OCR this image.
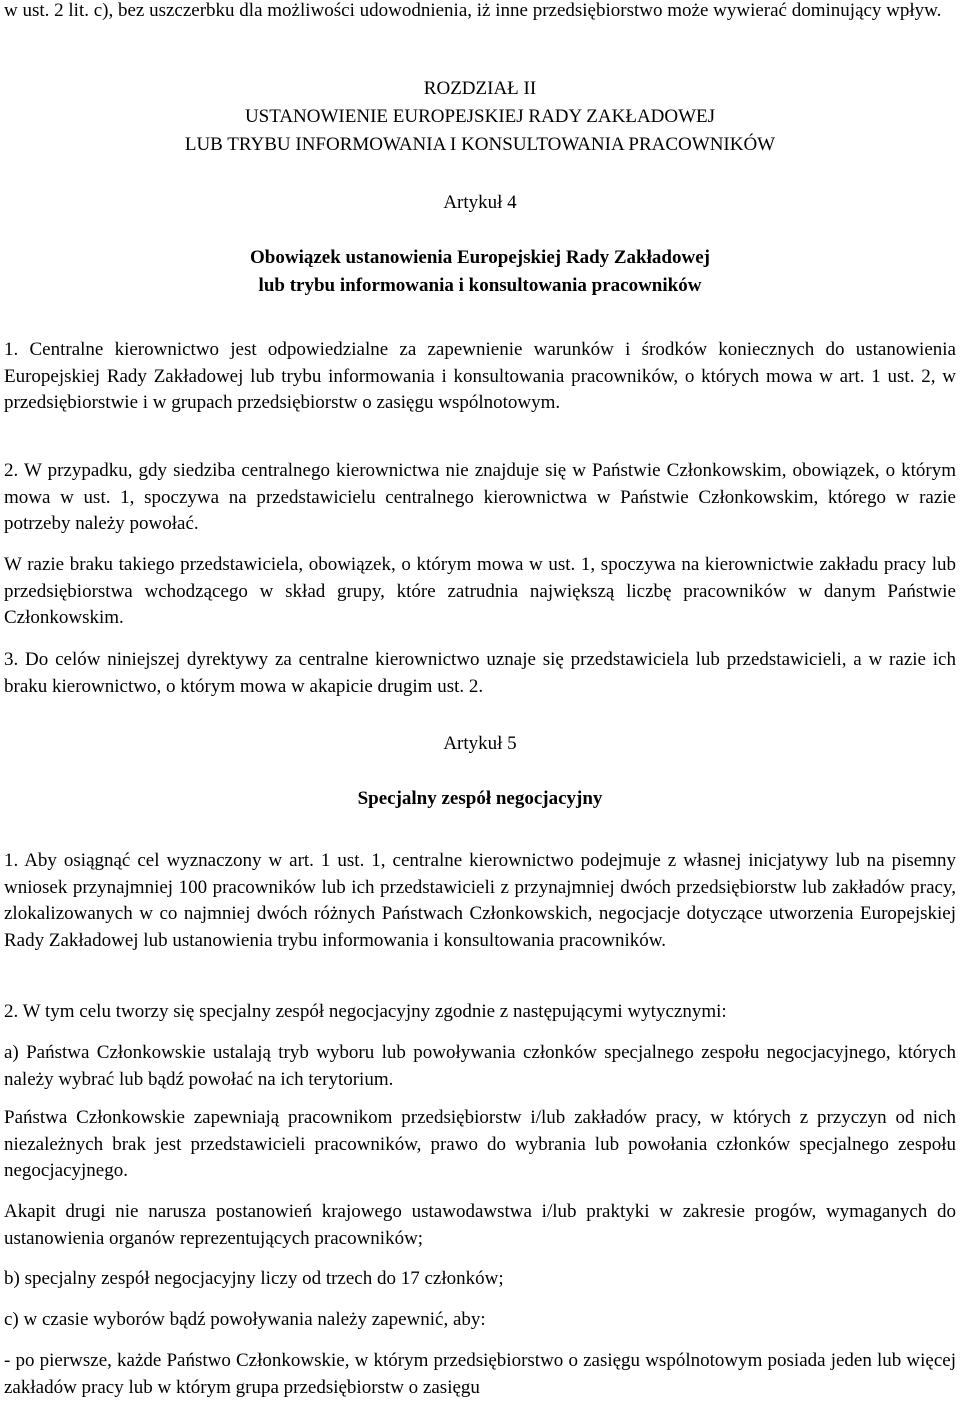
w ust. 2 lit. c), bez uszczerbku dla możliwości udowodnienia, iż inne przedsiębiorstwo może wywierać dominujący wpływ.

ROZDZIAŁ II
USTANOWIENIE EUROPEJSKIEJ RADY ZAKŁADOWEJ
LUB TRYBU INFORMOWANIA I KONSULTOWANIA PRACOWNIKÓW
Artykuł 4
Obowiązek ustanowienia Europejskiej Rady Zakładowej
lub trybu informowania i konsultowania pracowników

1. Centralne kierownictwo jest odpowiedzialne za zapewnienie warunków i środków koniecznych do ustanowienia Europejskiej Rady Zakładowej lub trybu informowania i konsultowania pracowników, o których mowa w art. 1 ust. 2, w przedsiębiorstwie i w grupach przedsiębiorstw o zasięgu wspólnotowym.

2. W przypadku, gdy siedziba centralnego kierownictwa nie znajduje się w Państwie Członkowskim, obowiązek, o którym mowa w ust. 1, spoczywa na przedstawicielu centralnego kierownictwa w Państwie Członkowskim, którego w razie potrzeby należy powołać.

W razie braku takiego przedstawiciela, obowiązek, o którym mowa w ust. 1, spoczywa na kierownictwie zakładu pracy lub przedsiębiorstwa wchodzącego w skład grupy, które zatrudnia największą liczbę pracowników w danym Państwie Członkowskim.

3. Do celów niniejszej dyrektywy za centralne kierownictwo uznaje się przedstawiciela lub przedstawicieli, a w razie ich braku kierownictwo, o którym mowa w akapicie drugim ust. 2.

Artykuł 5
Specjalny zespół negocjacyjny

1. Aby osiągnąć cel wyznaczony w art. 1 ust. 1, centralne kierownictwo podejmuje z własnej inicjatywy lub na pisemny wniosek przynajmniej 100 pracowników lub ich przedstawicieli z przynajmniej dwóch przedsiębiorstw lub zakładów pracy, zlokalizowanych w co najmniej dwóch różnych Państwach Członkowskich, negocjacje dotyczące utworzenia Europejskiej Rady Zakładowej lub ustanowienia trybu informowania i konsultowania pracowników.

2. W tym celu tworzy się specjalny zespół negocjacyjny zgodnie z następującymi wytycznymi:

a) Państwa Członkowskie ustalają tryb wyboru lub powoływania członków specjalnego zespołu negocjacyjnego, których należy wybrać lub bądź powołać na ich terytorium.

Państwa Członkowskie zapewniają pracownikom przedsiębiorstw i/lub zakładów pracy, w których z przyczyn od nich niezależnych brak jest przedstawicieli pracowników, prawo do wybrania lub powołania członków specjalnego zespołu negocjacyjnego.

Akapit drugi nie narusza postanowień krajowego ustawodawstwa i/lub praktyki w zakresie progów, wymaganych do ustanowienia organów reprezentujących pracowników;

b) specjalny zespół negocjacyjny liczy od trzech do 17 członków;

c) w czasie wyborów bądź powoływania należy zapewnić, aby:

- po pierwsze, każde Państwo Członkowskie, w którym przedsiębiorstwo o zasięgu wspólnotowym posiada jeden lub więcej zakładów pracy lub w którym grupa przedsiębiorstw o zasięgu
